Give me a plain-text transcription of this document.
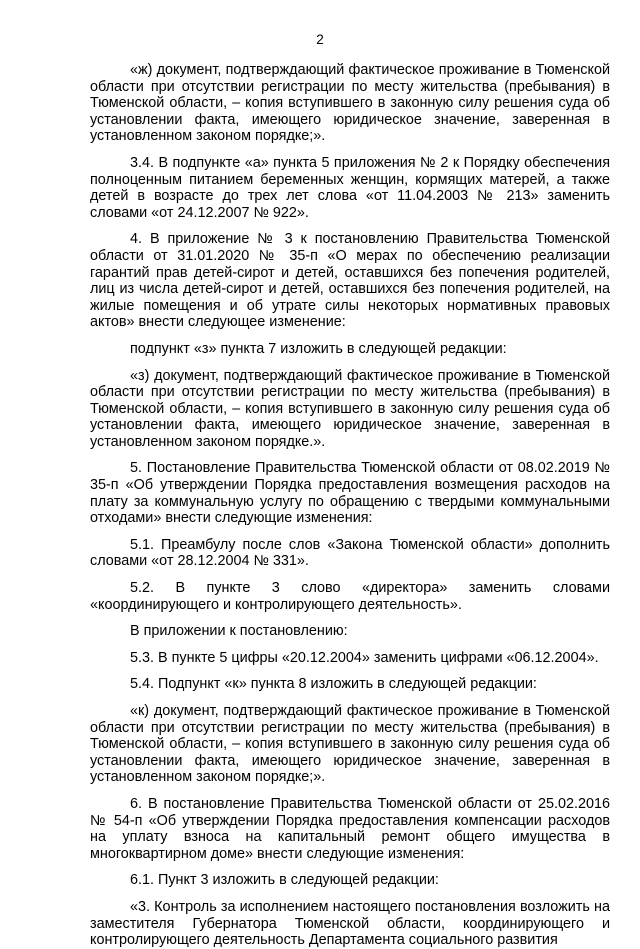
2

«ж) документ, подтверждающий фактическое проживание в Тюменской области при отсутствии регистрации по месту жительства (пребывания) в Тюменской области, – копия вступившего в законную силу решения суда об установлении факта, имеющего юридическое значение, заверенная в установленном законом порядке;».

3.4. В подпункте «а» пункта 5 приложения № 2 к Порядку обеспечения полноценным питанием беременных женщин, кормящих матерей, а также детей в возрасте до трех лет слова «от 11.04.2003 № 213» заменить словами «от 24.12.2007 № 922».

4. В приложение № 3 к постановлению Правительства Тюменской области от 31.01.2020 № 35-п «О мерах по обеспечению реализации гарантий прав детей-сирот и детей, оставшихся без попечения родителей, лиц из числа детей-сирот и детей, оставшихся без попечения родителей, на жилые помещения и об утрате силы некоторых нормативных правовых актов» внести следующее изменение:

подпункт «з» пункта 7 изложить в следующей редакции:

«з) документ, подтверждающий фактическое проживание в Тюменской области при отсутствии регистрации по месту жительства (пребывания) в Тюменской области, – копия вступившего в законную силу решения суда об установлении факта, имеющего юридическое значение, заверенная в установленном законом порядке.».

5. Постановление Правительства Тюменской области от 08.02.2019 № 35-п «Об утверждении Порядка предоставления возмещения расходов на плату за коммунальную услугу по обращению с твердыми коммунальными отходами» внести следующие изменения:

5.1. Преамбулу после слов «Закона Тюменской области» дополнить словами «от 28.12.2004 № 331».

5.2. В пункте 3 слово «директора» заменить словами «координирующего и контролирующего деятельность».

В приложении к постановлению:

5.3. В пункте 5 цифры «20.12.2004» заменить цифрами «06.12.2004».

5.4. Подпункт «к» пункта 8 изложить в следующей редакции:

«к) документ, подтверждающий фактическое проживание в Тюменской области при отсутствии регистрации по месту жительства (пребывания) в Тюменской области, – копия вступившего в законную силу решения суда об установлении факта, имеющего юридическое значение, заверенная в установленном законом порядке;».

6. В постановление Правительства Тюменской области от 25.02.2016 № 54-п «Об утверждении Порядка предоставления компенсации расходов на уплату взноса на капитальный ремонт общего имущества в многоквартирном доме» внести следующие изменения:

6.1. Пункт 3 изложить в следующей редакции:

«3. Контроль за исполнением настоящего постановления возложить на заместителя Губернатора Тюменской области, координирующего и контролирующего деятельность Департамента социального развития
